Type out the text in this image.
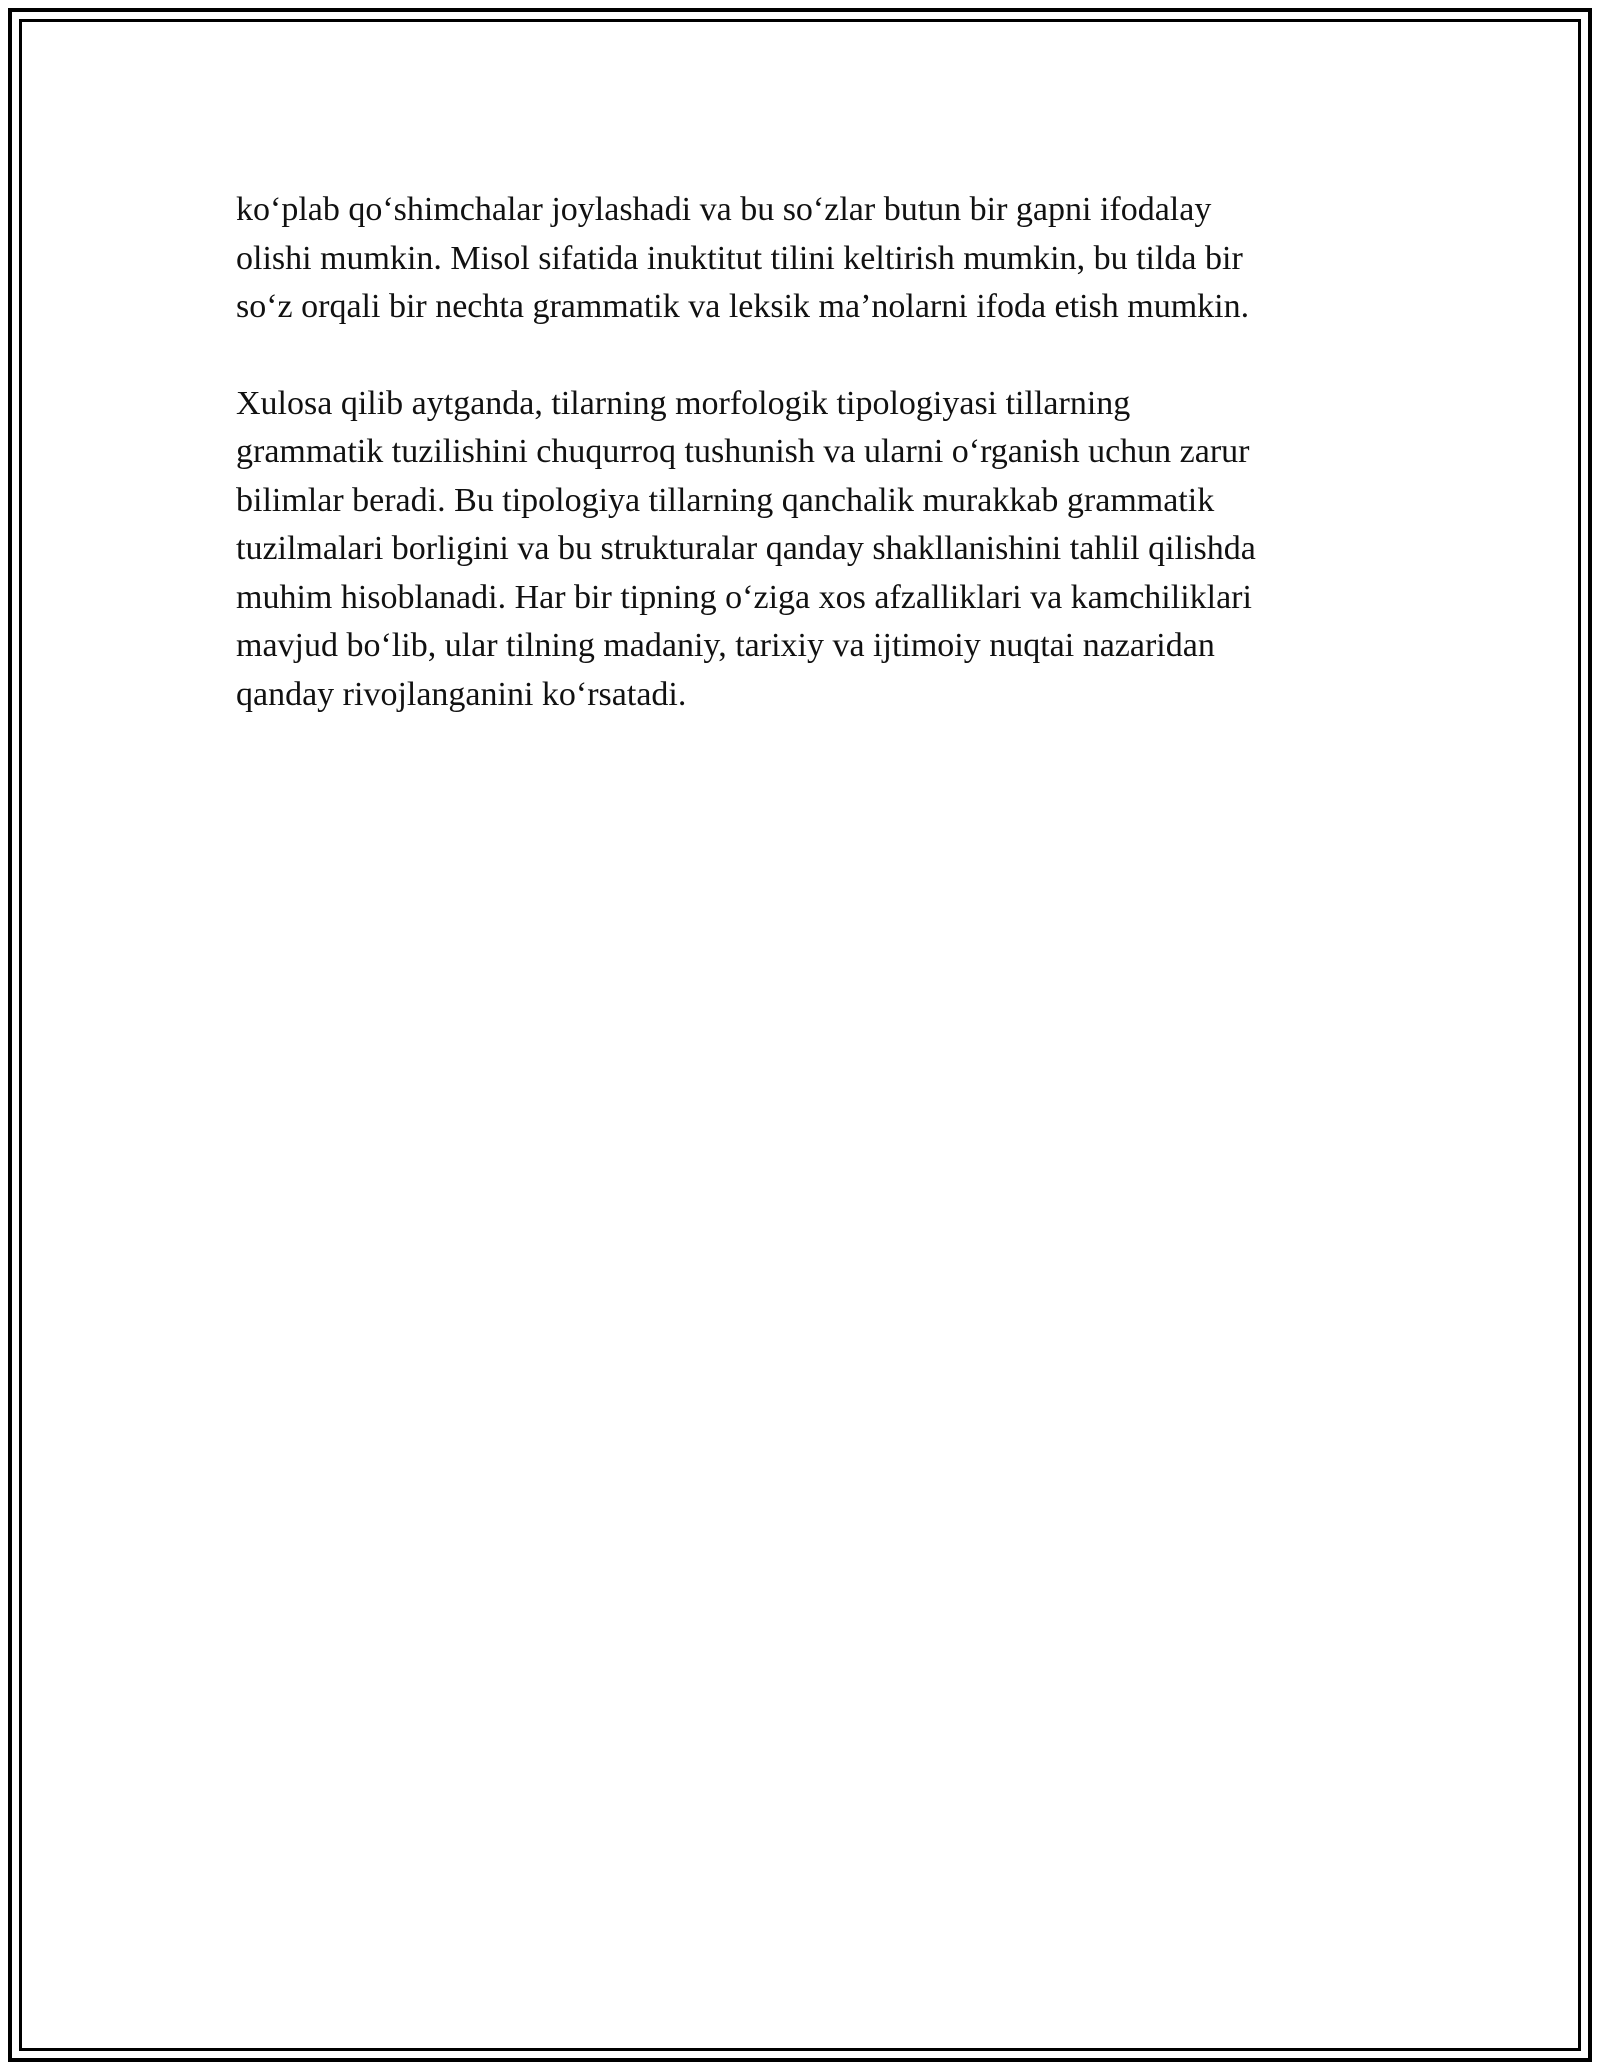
ko‘plab qo‘shimchalar joylashadi va bu so‘zlar butun bir gapni ifodalay
olishi mumkin. Misol sifatida inuktitut tilini keltirish mumkin, bu tilda bir
so‘z orqali bir nechta grammatik va leksik ma’nolarni ifoda etish mumkin.

Xulosa qilib aytganda, tilarning morfologik tipologiyasi tillarning
grammatik tuzilishini chuqurroq tushunish va ularni o‘rganish uchun zarur
bilimlar beradi. Bu tipologiya tillarning qanchalik murakkab grammatik
tuzilmalari borligini va bu strukturalar qanday shakllanishini tahlil qilishda
muhim hisoblanadi. Har bir tipning o‘ziga xos afzalliklari va kamchiliklari
mavjud bo‘lib, ular tilning madaniy, tarixiy va ijtimoiy nuqtai nazaridan
qanday rivojlanganini ko‘rsatadi.
